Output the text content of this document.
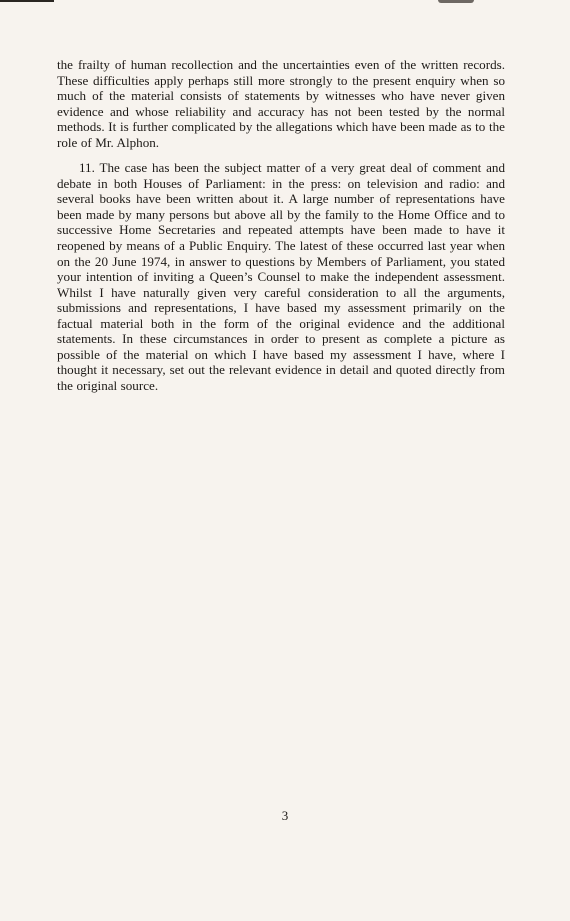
the frailty of human recollection and the uncertainties even of the written records. These difficulties apply perhaps still more strongly to the present enquiry when so much of the material consists of statements by witnesses who have never given evidence and whose reliability and accuracy has not been tested by the normal methods. It is further complicated by the allegations which have been made as to the role of Mr. Alphon.

11. The case has been the subject matter of a very great deal of comment and debate in both Houses of Parliament: in the press: on television and radio: and several books have been written about it. A large number of representations have been made by many persons but above all by the family to the Home Office and to successive Home Secretaries and repeated attempts have been made to have it reopened by means of a Public Enquiry. The latest of these occurred last year when on the 20 June 1974, in answer to questions by Members of Parliament, you stated your intention of inviting a Queen’s Counsel to make the independent assessment. Whilst I have naturally given very careful consideration to all the arguments, submissions and representations, I have based my assessment primarily on the factual material both in the form of the original evidence and the additional statements. In these circumstances in order to present as complete a picture as possible of the material on which I have based my assessment I have, where I thought it necessary, set out the relevant evidence in detail and quoted directly from the original source.

3
